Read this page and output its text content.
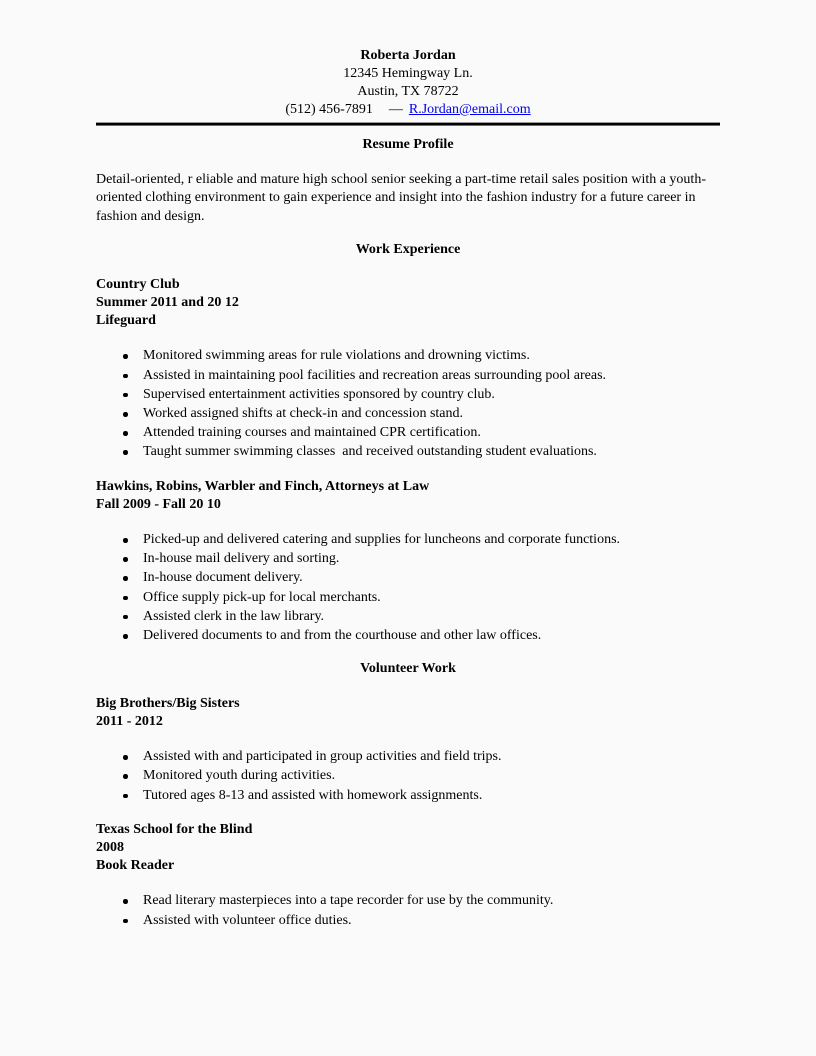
Roberta Jordan
12345 Hemingway Ln.
Austin, TX 78722
(512) 456-7891 — R.Jordan@email.com
Resume Profile
Detail-oriented, r eliable and mature high school senior seeking a part-time retail sales position with a youth-oriented clothing environment to gain experience and insight into the fashion industry for a future career in fashion and design.
Work Experience
Country Club
Summer 2011 and 20 12
Lifeguard
Monitored swimming areas for rule violations and drowning victims.
Assisted in maintaining pool facilities and recreation areas surrounding pool areas.
Supervised entertainment activities sponsored by country club.
Worked assigned shifts at check-in and concession stand.
Attended training courses and maintained CPR certification.
Taught summer swimming classes  and received outstanding student evaluations.
Hawkins, Robins, Warbler and Finch, Attorneys at Law
Fall 2009 - Fall 20 10
Picked-up and delivered catering and supplies for luncheons and corporate functions.
In-house mail delivery and sorting.
In-house document delivery.
Office supply pick-up for local merchants.
Assisted clerk in the law library.
Delivered documents to and from the courthouse and other law offices.
Volunteer Work
Big Brothers/Big Sisters
2011 - 2012
Assisted with and participated in group activities and field trips.
Monitored youth during activities.
Tutored ages 8-13 and assisted with homework assignments.
Texas School for the Blind
2008
Book Reader
Read literary masterpieces into a tape recorder for use by the community.
Assisted with volunteer office duties.
